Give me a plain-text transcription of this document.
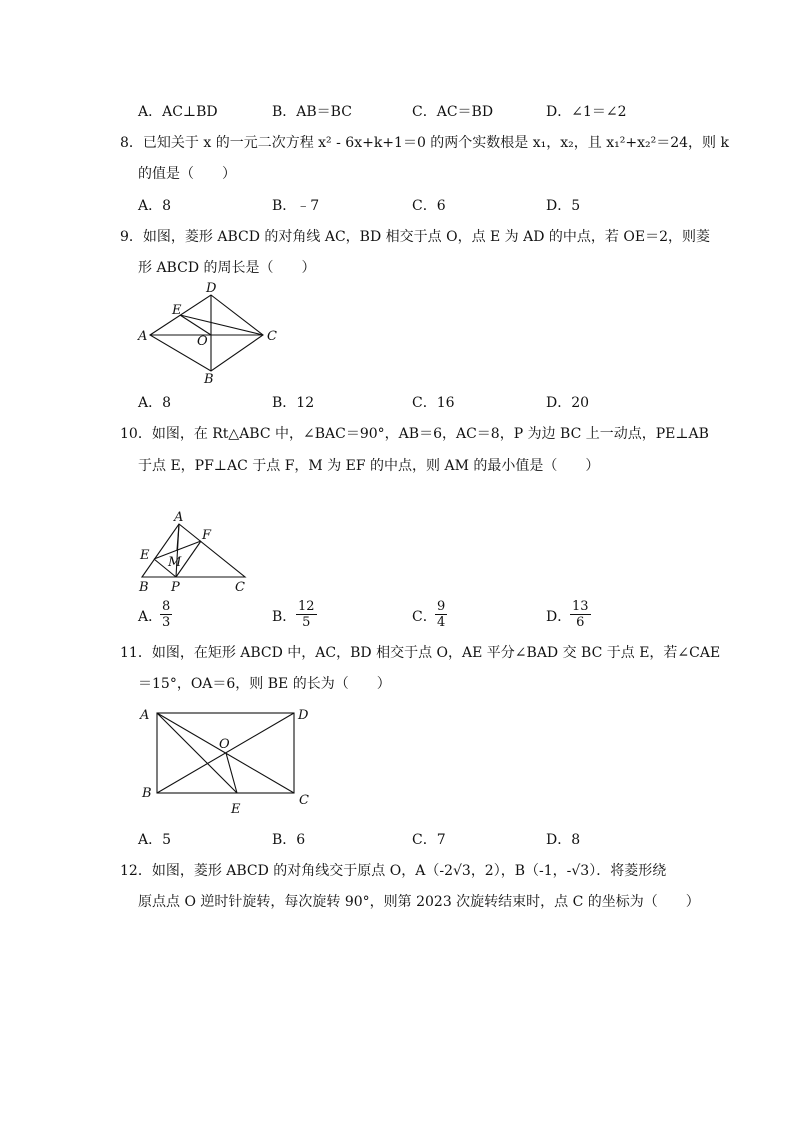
A．AC⊥BD	B．AB＝BC	C．AC＝BD	D．∠1＝∠2
8．已知关于 x 的一元二次方程 x² - 6x+k+1＝0 的两个实数根是 x₁，x₂，且 x₁²+x₂²＝24，则 k
的值是（　　）
A．8	B．﹣7	C．6	D．5
9．如图，菱形 ABCD 的对角线 AC，BD 相交于点 O，点 E 为 AD 的中点，若 OE＝2，则菱
形 ABCD 的周长是（　　）
D
E
A	O	C
B
A．8	B．12	C．16	D．20
10．如图，在 Rt△ABC 中，∠BAC＝90°，AB＝6，AC＝8，P 为边 BC 上一动点，PE⊥AB
于点 E，PF⊥AC 于点 F，M 为 EF 的中点，则 AM 的最小值是（　　）
A
F
E M
B P	C
A．
$\frac{8}{3}$	B． $\frac{12}{5}$	C．
$\frac{9}{4}$	D．
$\frac{13}{6}$
11．如图，在矩形 ABCD 中，AC，BD 相交于点 O，AE 平分∠BAD 交 BC 于点 E，若∠CAE
＝15°，OA＝6，则 BE 的长为（　　）
A	D
O
B
E
C
A．5	B．6	C．7	D．8
12．如图，菱形 ABCD 的对角线交于原点 O，A（-2√3，2），B（-1，-√3）．将菱形绕
原点点 O 逆时针旋转，每次旋转 90°，则第 2023 次旋转结束时，点 C 的坐标为（　　）
